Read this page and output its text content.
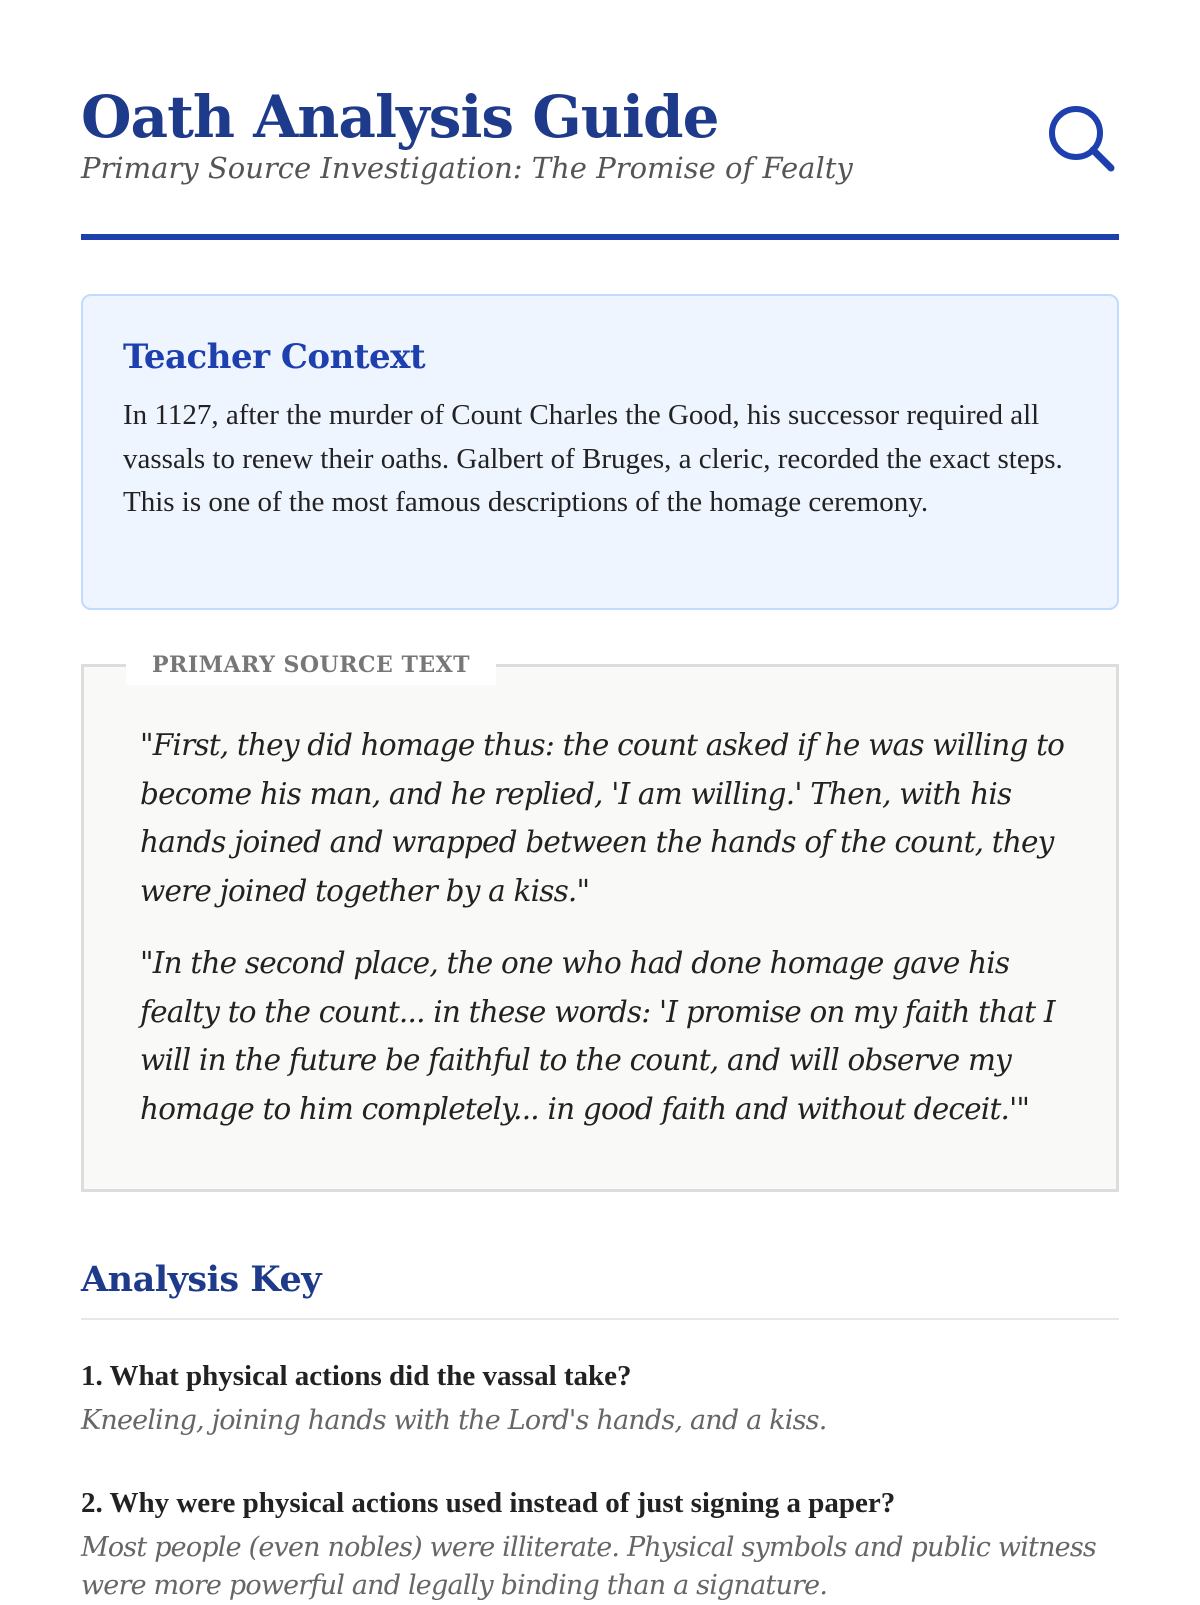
Oath Analysis Guide

Primary Source Investigation: The Promise of Fealty

Teacher Context

In 1127, after the murder of Count Charles the Good, his successor required all vassals to renew their oaths. Galbert of Bruges, a cleric, recorded the exact steps. This is one of the most famous descriptions of the homage ceremony.

PRIMARY SOURCE TEXT

"First, they did homage thus: the count asked if he was willing to become his man, and he replied, 'I am willing.' Then, with his hands joined and wrapped between the hands of the count, they were joined together by a kiss."

"In the second place, the one who had done homage gave his fealty to the count... in these words: 'I promise on my faith that I will in the future be faithful to the count, and will observe my homage to him completely... in good faith and without deceit.'"

Analysis Key

1. What physical actions did the vassal take?

Kneeling, joining hands with the Lord's hands, and a kiss.

2. Why were physical actions used instead of just signing a paper?

Most people (even nobles) were illiterate. Physical symbols and public witness were more powerful and legally binding than a signature.
